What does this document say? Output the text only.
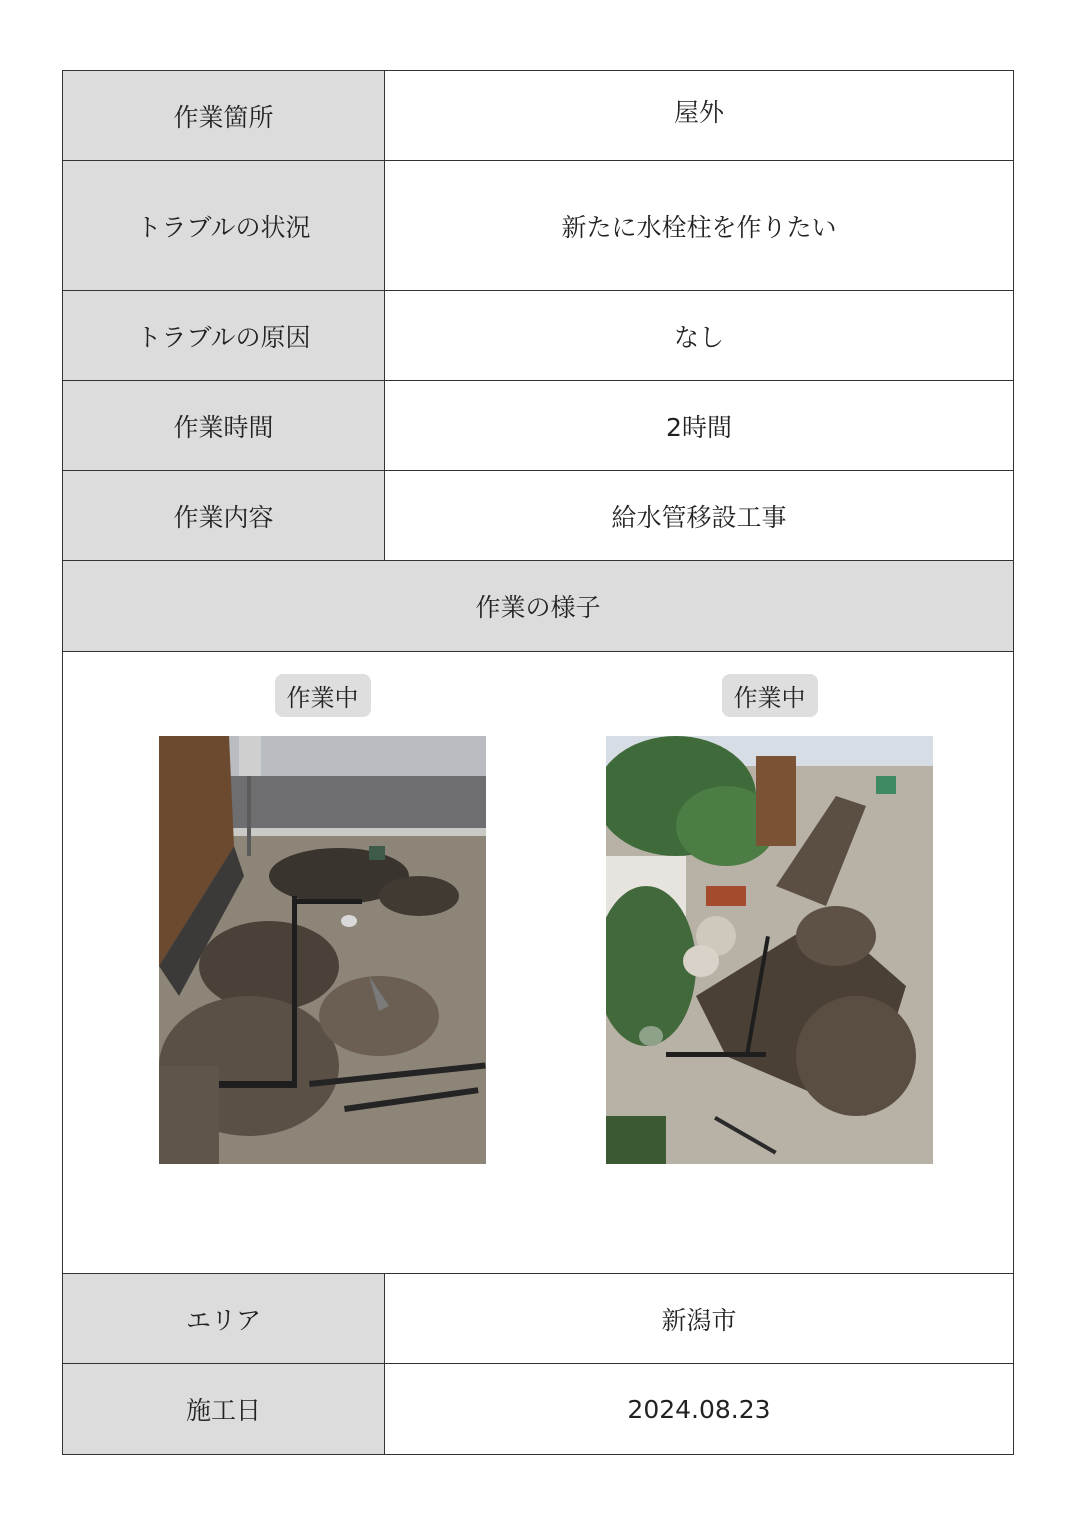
作業箇所	屋外
トラブルの状況	新たに水栓柱を作りたい
トラブルの原因	なし
作業時間	2時間
作業内容	給水管移設工事
作業の様子
作業中	作業中
エリア	新潟市
施工日	2024.08.23
